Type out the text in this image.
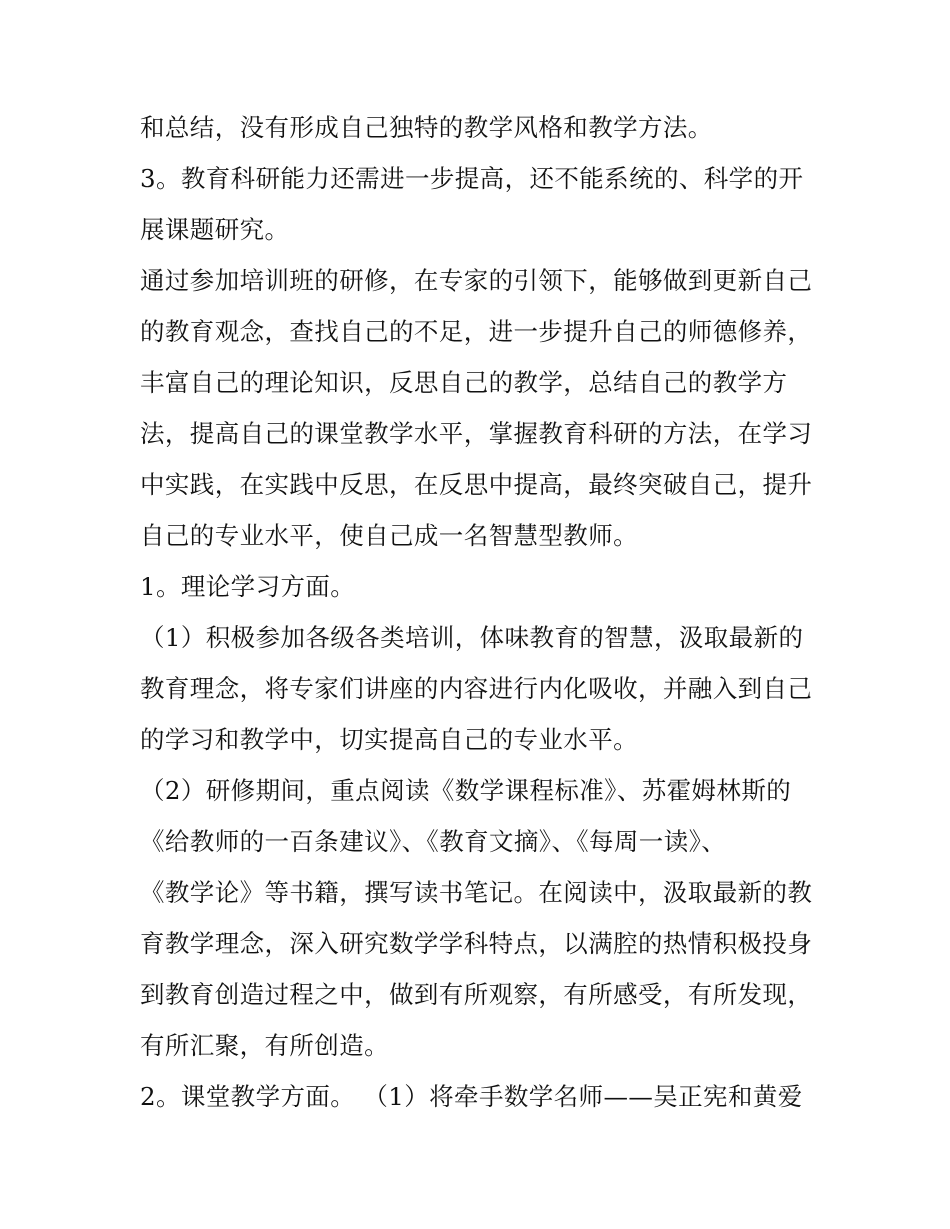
和总结，没有形成自己独特的教学风格和教学方法。
3。教育科研能力还需进一步提高，还不能系统的、科学的开
展课题研究。
通过参加培训班的研修，在专家的引领下，能够做到更新自己
的教育观念，查找自己的不足，进一步提升自己的师德修养，
丰富自己的理论知识，反思自己的教学，总结自己的教学方
法，提高自己的课堂教学水平，掌握教育科研的方法，在学习
中实践，在实践中反思，在反思中提高，最终突破自己，提升
自己的专业水平，使自己成一名智慧型教师。
1。理论学习方面。
（1）积极参加各级各类培训，体味教育的智慧，汲取最新的
教育理念，将专家们讲座的内容进行内化吸收，并融入到自己
的学习和教学中，切实提高自己的专业水平。
（2）研修期间，重点阅读《数学课程标准》、苏霍姆林斯的
《给教师的一百条建议》、《教育文摘》、《每周一读》、
《教学论》等书籍，撰写读书笔记。在阅读中，汲取最新的教
育教学理念，深入研究数学学科特点，以满腔的热情积极投身
到教育创造过程之中，做到有所观察，有所感受，有所发现，
有所汇聚，有所创造。
2。课堂教学方面。 （1）将牵手数学名师——吴正宪和黄爱
